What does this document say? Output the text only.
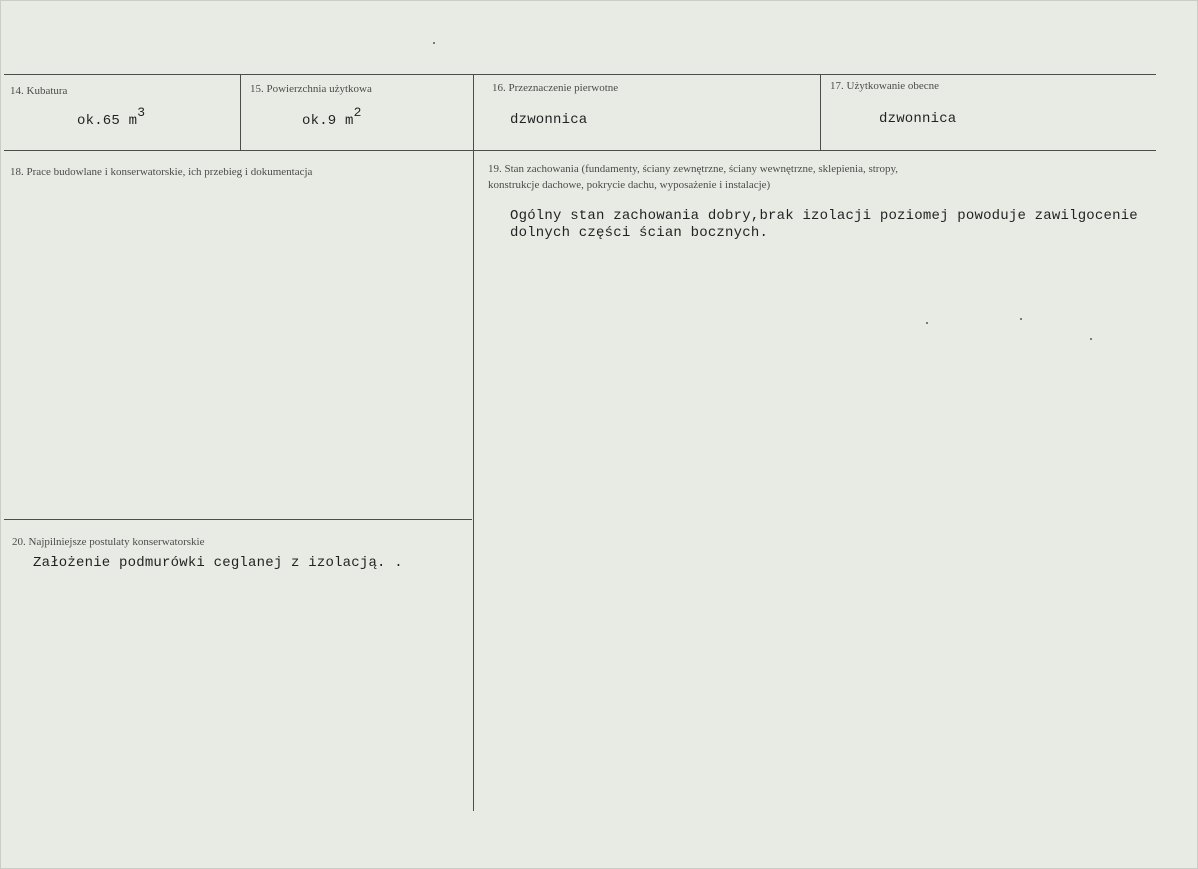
14. Kubatura
ok.65 m3
15. Powierzchnia użytkowa
ok.9 m2
16. Przeznaczenie pierwotne
dzwonnica
17. Użytkowanie obecne
dzwonnica
18. Prace budowlane i konserwatorskie, ich przebieg i dokumentacja	19. Stan zachowania (fundamenty, ściany zewnętrzne, ściany wewnętrzne, sklepienia, stropy,
konstrukcje dachowe, pokrycie dachu, wyposażenie i instalacje)
Ogólny stan zachowania dobry,brak izolacji poziomej powoduje zawilgocenie
dolnych części ścian bocznych.
20. Najpilniejsze postulaty konserwatorskie
Założenie podmurówki ceglanej z izolacją. .
